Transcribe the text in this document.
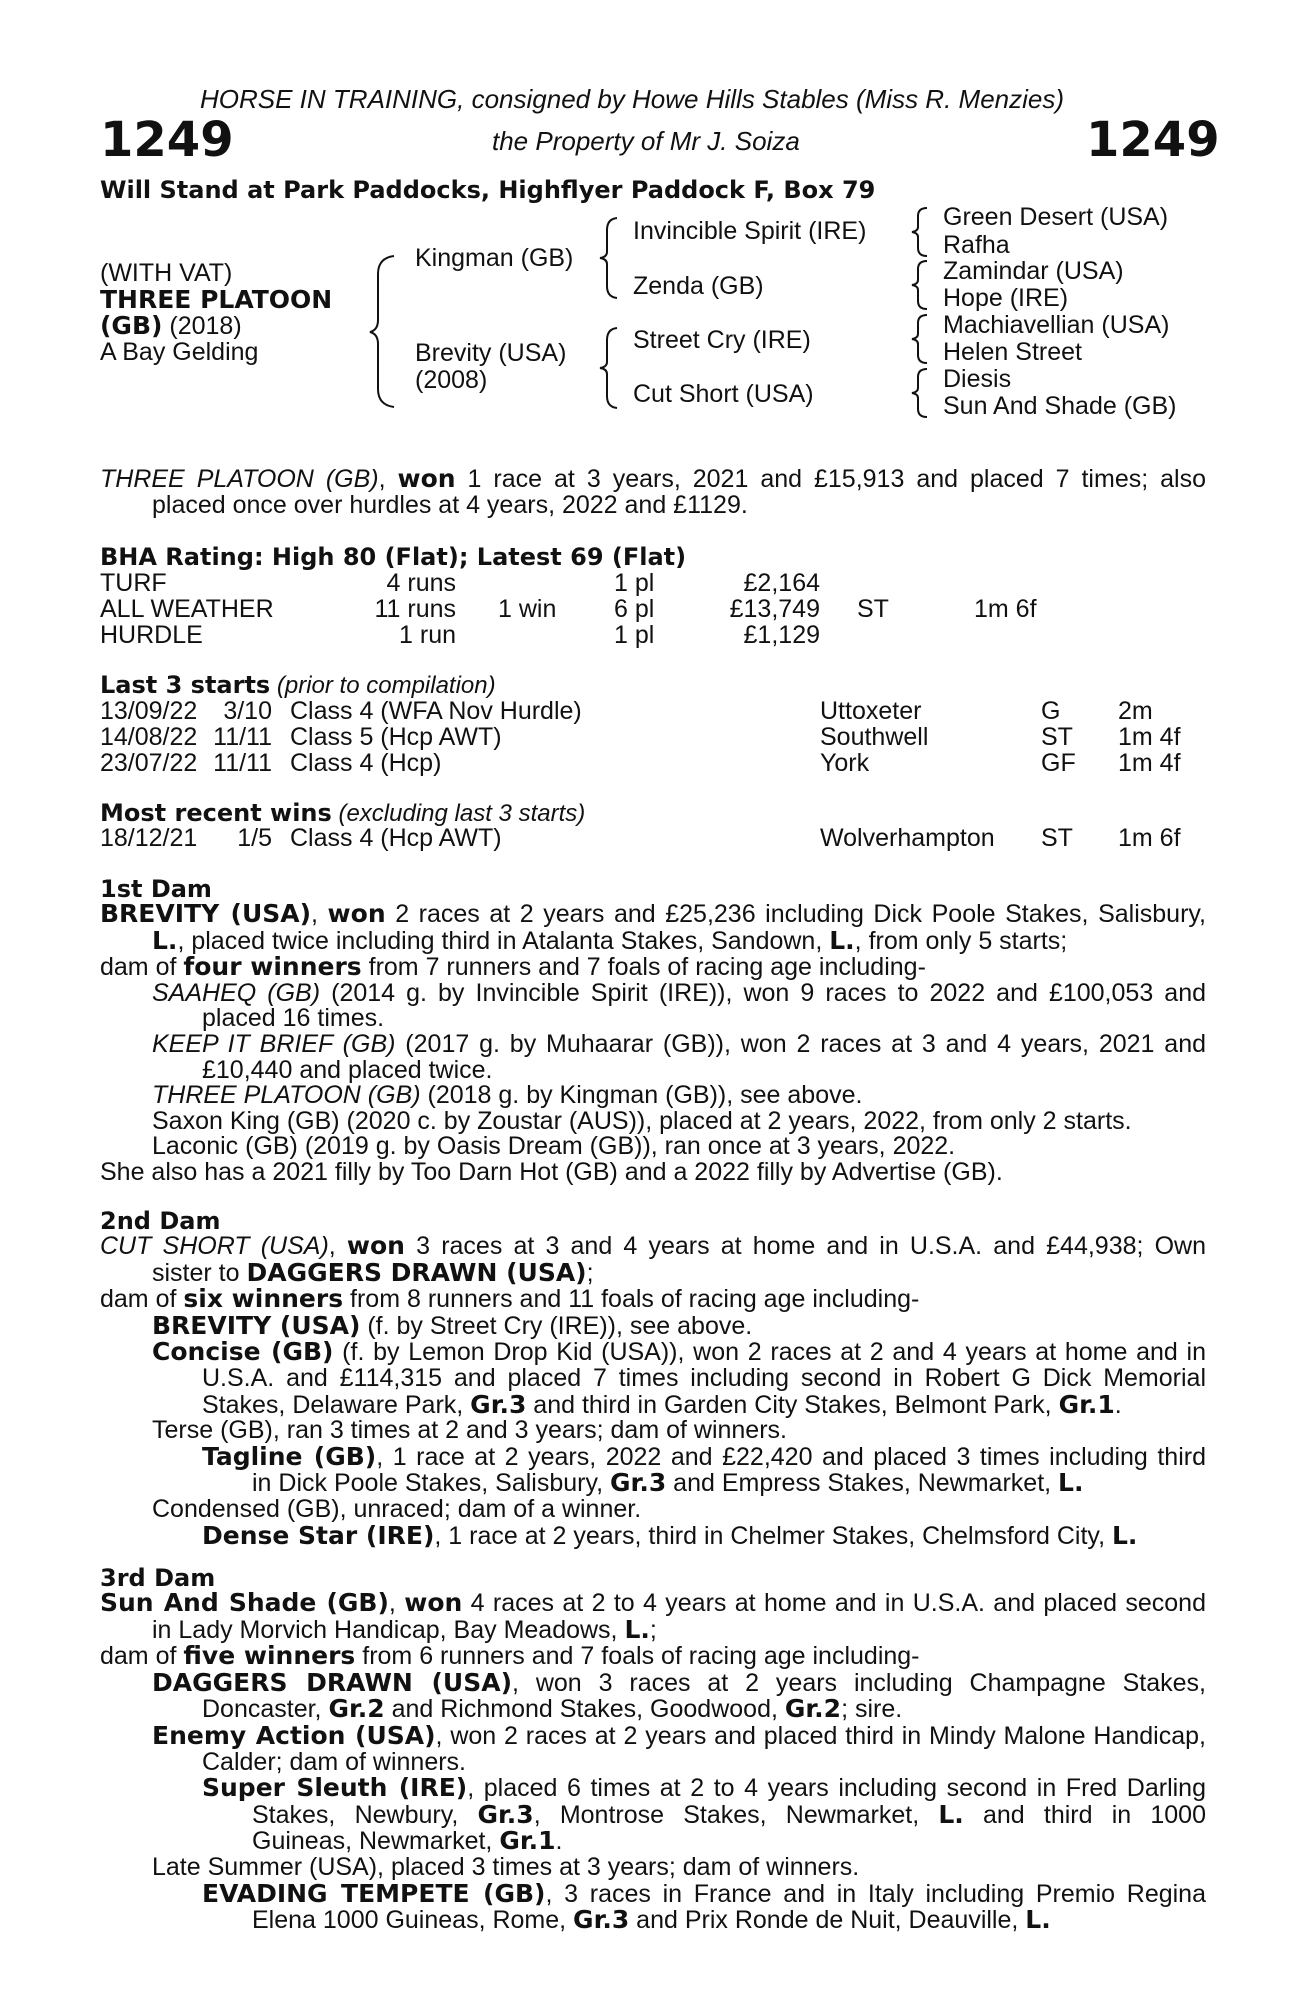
HORSE IN TRAINING, consigned by Howe Hills Stables (Miss R. Menzies)
1249	the Property of Mr J. Soiza	1249
Will Stand at Park Paddocks, Highflyer Paddock F, Box 79
(WITH VAT)
THREE PLATOON
(GB) (2018)
A Bay Gelding
Kingman (GB)
Brevity (USA)
(2008)
Invincible Spirit (IRE)
Zenda (GB)
Street Cry (IRE)
Cut Short (USA)
Green Desert (USA)
Rafha
Zamindar (USA)
Hope (IRE)
Machiavellian (USA)
Helen Street
Diesis
Sun And Shade (GB)
THREE PLATOON (GB), won 1 race at 3 years, 2021 and £15,913 and placed 7 times; also
placed once over hurdles at 4 years, 2022 and £1129.
BHA Rating: High 80 (Flat); Latest 69 (Flat)
TURF	4 runs	1 pl	£2,164
ALL WEATHER	11 runs 1 win 6 pl	£13,749 ST	1m 6f
HURDLE	1 run	1 pl	£1,129
Last 3 starts (prior to compilation)
13/09/22 3/10 Class 4 (WFA Nov Hurdle)	Uttoxeter	G 2m
14/08/22 11/11 Class 5 (Hcp AWT)	Southwell	ST 1m 4f
23/07/22 11/11 Class 4 (Hcp)	York	GF 1m 4f
Most recent wins (excluding last 3 starts)
18/12/21 1/5 Class 4 (Hcp AWT)	Wolverhampton ST 1m 6f
1st Dam
BREVITY (USA), won 2 races at 2 years and £25,236 including Dick Poole Stakes, Salisbury,
L., placed twice including third in Atalanta Stakes, Sandown, L., from only 5 starts;
dam of four winners from 7 runners and 7 foals of racing age including-
SAAHEQ (GB) (2014 g. by Invincible Spirit (IRE)), won 9 races to 2022 and £100,053 and
placed 16 times.
KEEP IT BRIEF (GB) (2017 g. by Muhaarar (GB)), won 2 races at 3 and 4 years, 2021 and
£10,440 and placed twice.
THREE PLATOON (GB) (2018 g. by Kingman (GB)), see above.
Saxon King (GB) (2020 c. by Zoustar (AUS)), placed at 2 years, 2022, from only 2 starts.
Laconic (GB) (2019 g. by Oasis Dream (GB)), ran once at 3 years, 2022.
She also has a 2021 filly by Too Darn Hot (GB) and a 2022 filly by Advertise (GB).
2nd Dam
CUT SHORT (USA), won 3 races at 3 and 4 years at home and in U.S.A. and £44,938; Own
sister to DAGGERS DRAWN (USA);
dam of six winners from 8 runners and 11 foals of racing age including-
BREVITY (USA) (f. by Street Cry (IRE)), see above.
Concise (GB) (f. by Lemon Drop Kid (USA)), won 2 races at 2 and 4 years at home and in
U.S.A. and £114,315 and placed 7 times including second in Robert G Dick Memorial
Stakes, Delaware Park, Gr.3 and third in Garden City Stakes, Belmont Park, Gr.1.
Terse (GB), ran 3 times at 2 and 3 years; dam of winners.
Tagline (GB), 1 race at 2 years, 2022 and £22,420 and placed 3 times including third
in Dick Poole Stakes, Salisbury, Gr.3 and Empress Stakes, Newmarket, L.
Condensed (GB), unraced; dam of a winner.
Dense Star (IRE), 1 race at 2 years, third in Chelmer Stakes, Chelmsford City, L.
3rd Dam
Sun And Shade (GB), won 4 races at 2 to 4 years at home and in U.S.A. and placed second
in Lady Morvich Handicap, Bay Meadows, L.;
dam of five winners from 6 runners and 7 foals of racing age including-
DAGGERS DRAWN (USA), won 3 races at 2 years including Champagne Stakes,
Doncaster, Gr.2 and Richmond Stakes, Goodwood, Gr.2; sire.
Enemy Action (USA), won 2 races at 2 years and placed third in Mindy Malone Handicap,
Calder; dam of winners.
Super Sleuth (IRE), placed 6 times at 2 to 4 years including second in Fred Darling
Stakes, Newbury, Gr.3, Montrose Stakes, Newmarket, L. and third in 1000
Guineas, Newmarket, Gr.1.
Late Summer (USA), placed 3 times at 3 years; dam of winners.
EVADING TEMPETE (GB), 3 races in France and in Italy including Premio Regina
Elena 1000 Guineas, Rome, Gr.3 and Prix Ronde de Nuit, Deauville, L.
